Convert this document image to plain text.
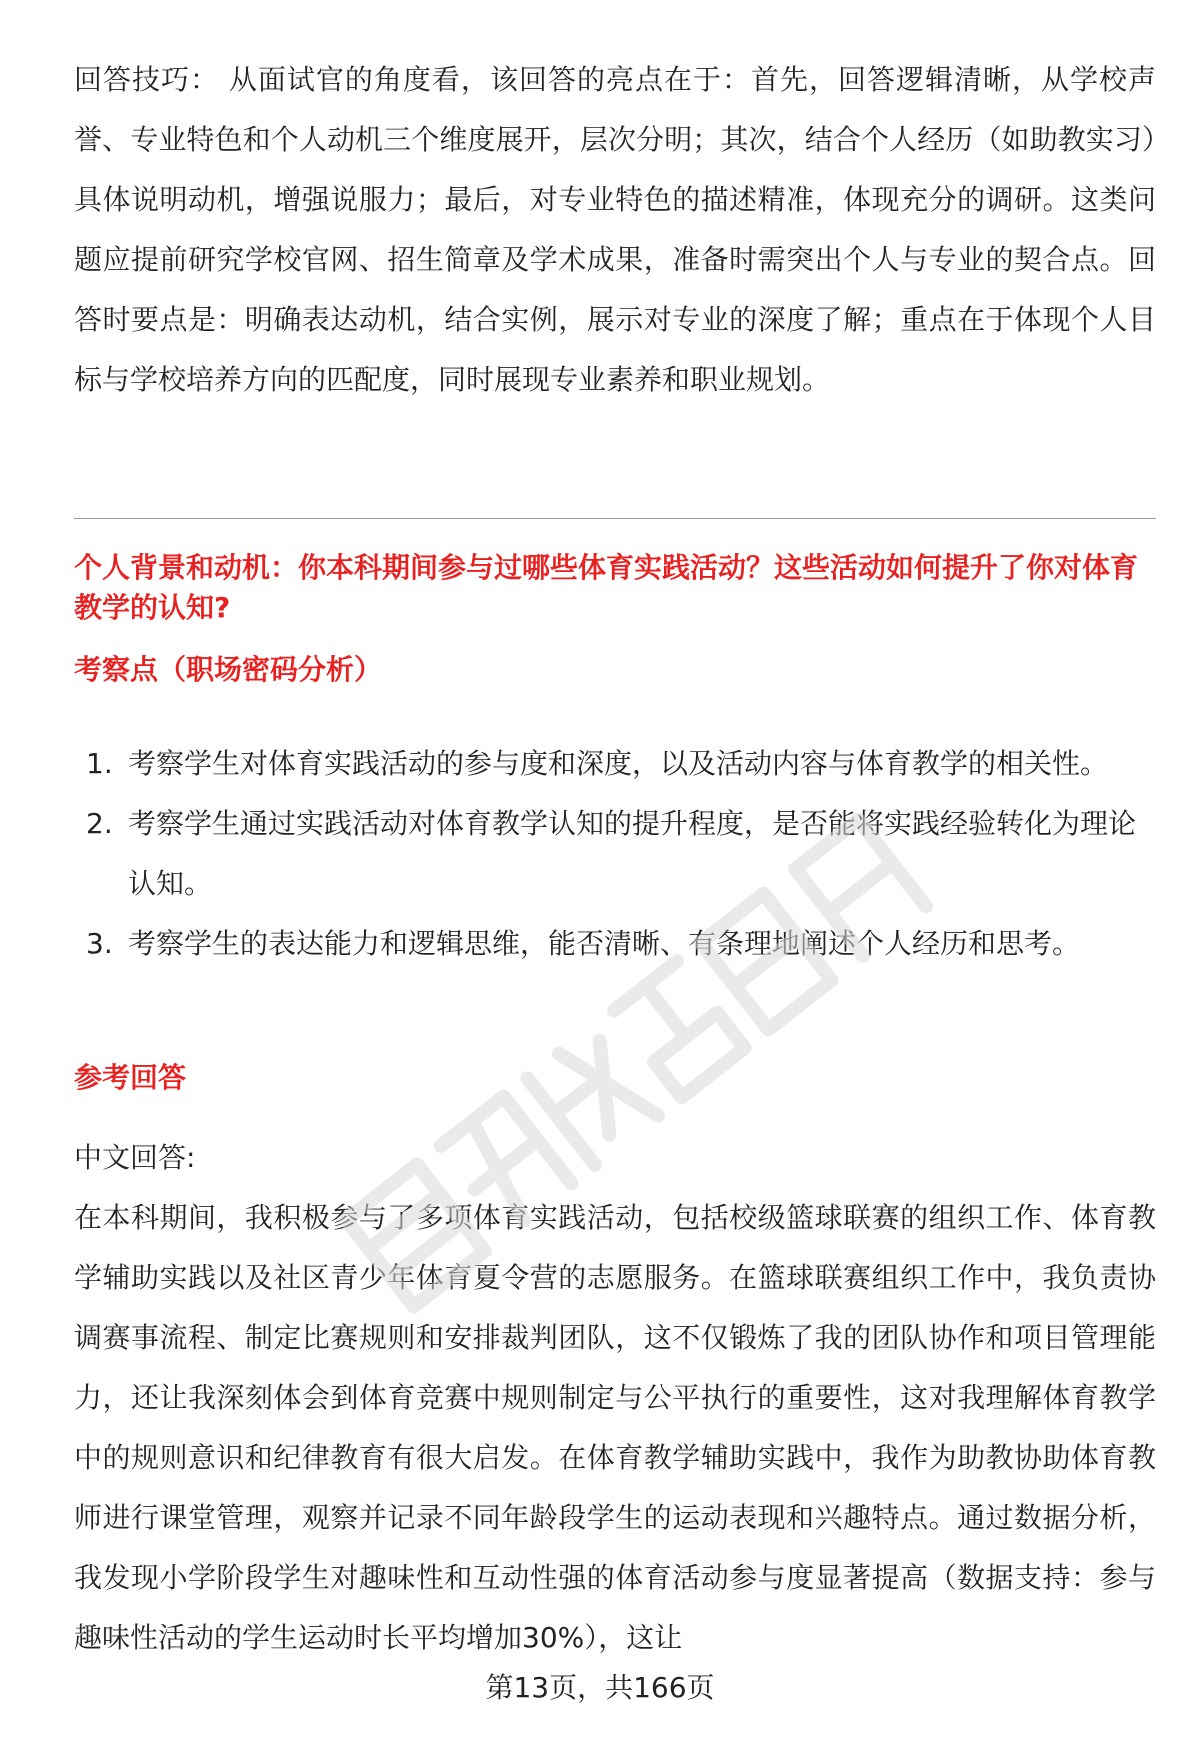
回答技巧： 从面试官的角度看，该回答的亮点在于：首先，回答逻辑清晰，从学校声誉、专业特色和个人动机三个维度展开，层次分明；其次，结合个人经历（如助教实习）具体说明动机，增强说服力；最后，对专业特色的描述精准，体现充分的调研。这类问题应提前研究学校官网、招生简章及学术成果，准备时需突出个人与专业的契合点。回答时要点是：明确表达动机，结合实例，展示对专业的深度了解；重点在于体现个人目标与学校培养方向的匹配度，同时展现专业素养和职业规划。

个人背景和动机：你本科期间参与过哪些体育实践活动？这些活动如何提升了你对体育教学的认知?

考察点（职场密码分析）

1. 考察学生对体育实践活动的参与度和深度，以及活动内容与体育教学的相关性。
2. 考察学生通过实践活动对体育教学认知的提升程度，是否能将实践经验转化为理论认知。
3. 考察学生的表达能力和逻辑思维，能否清晰、有条理地阐述个人经历和思考。

参考回答

中文回答:

在本科期间，我积极参与了多项体育实践活动，包括校级篮球联赛的组织工作、体育教学辅助实践以及社区青少年体育夏令营的志愿服务。在篮球联赛组织工作中，我负责协调赛事流程、制定比赛规则和安排裁判团队，这不仅锻炼了我的团队协作和项目管理能力，还让我深刻体会到体育竞赛中规则制定与公平执行的重要性，这对我理解体育教学中的规则意识和纪律教育有很大启发。在体育教学辅助实践中，我作为助教协助体育教师进行课堂管理，观察并记录不同年龄段学生的运动表现和兴趣特点。通过数据分析，我发现小学阶段学生对趣味性和互动性强的体育活动参与度显著提高（数据支持：参与趣味性活动的学生运动时长平均增加30%），这让

第13页，共166页
